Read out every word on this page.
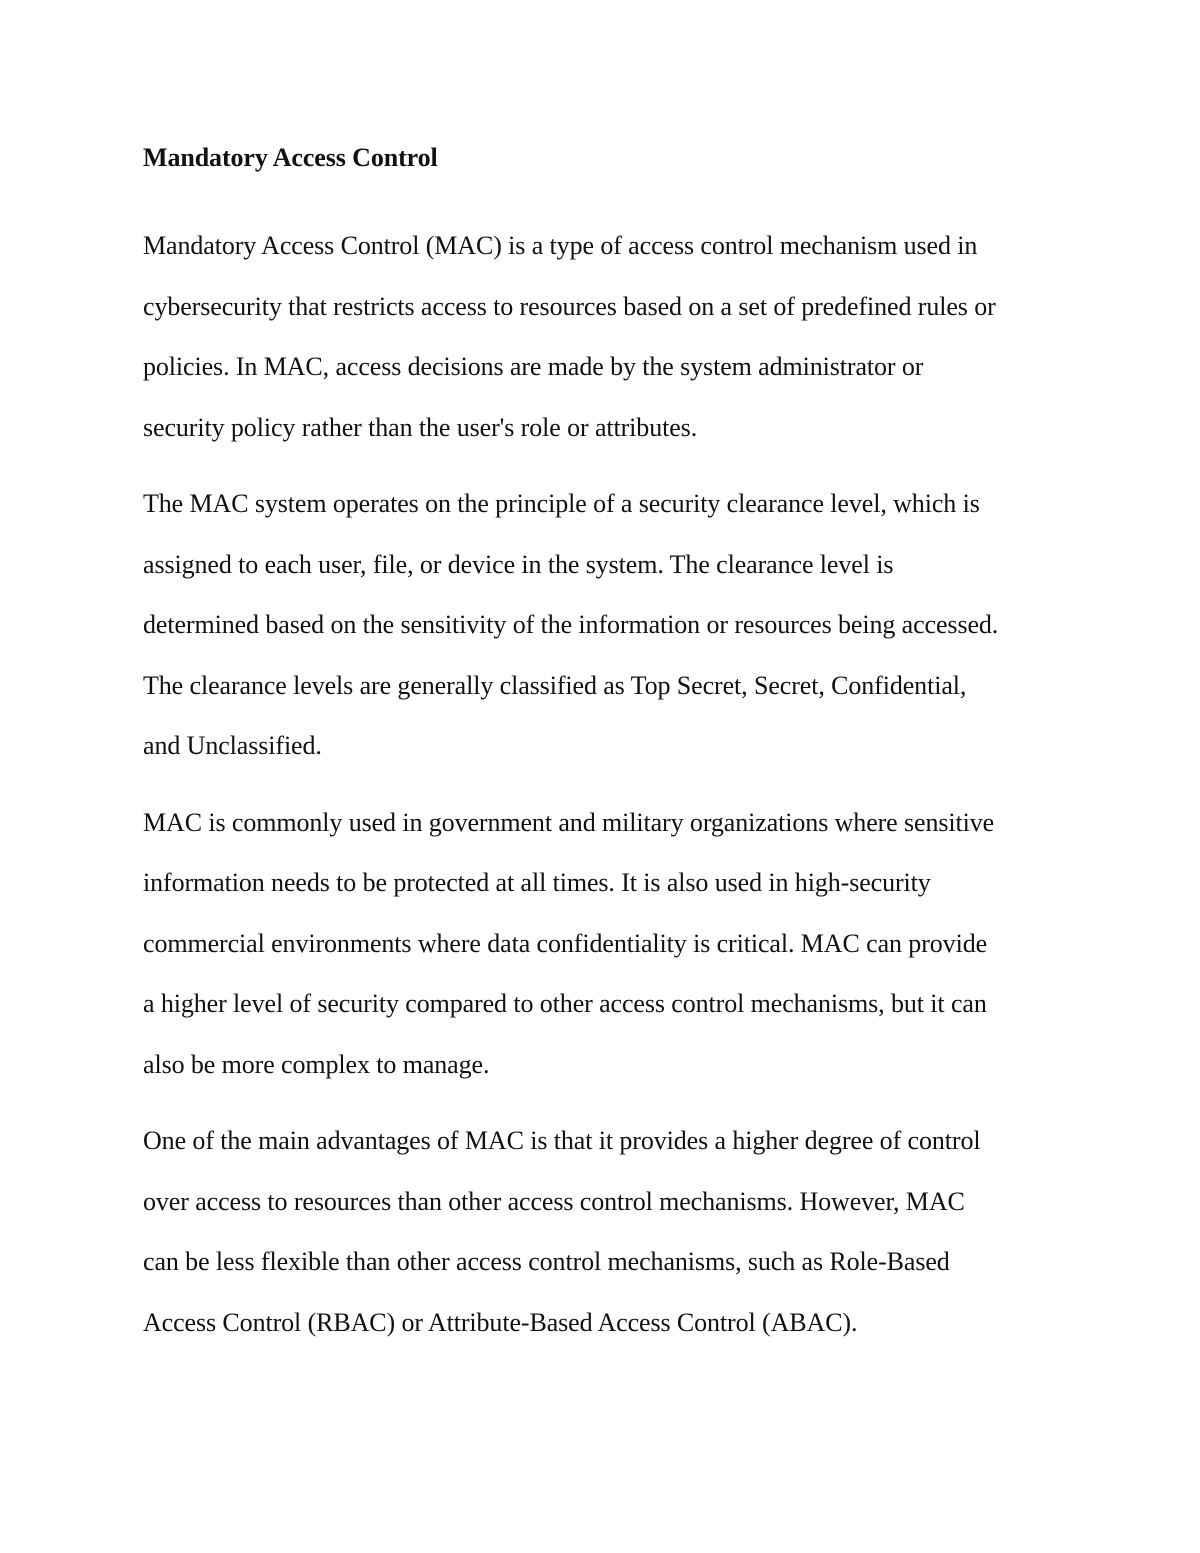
Mandatory Access Control

Mandatory Access Control (MAC) is a type of access control mechanism used in
cybersecurity that restricts access to resources based on a set of predefined rules or
policies. In MAC, access decisions are made by the system administrator or
security policy rather than the user's role or attributes.

The MAC system operates on the principle of a security clearance level, which is
assigned to each user, file, or device in the system. The clearance level is
determined based on the sensitivity of the information or resources being accessed.
The clearance levels are generally classified as Top Secret, Secret, Confidential,
and Unclassified.

MAC is commonly used in government and military organizations where sensitive
information needs to be protected at all times. It is also used in high-security
commercial environments where data confidentiality is critical. MAC can provide
a higher level of security compared to other access control mechanisms, but it can
also be more complex to manage.

One of the main advantages of MAC is that it provides a higher degree of control
over access to resources than other access control mechanisms. However, MAC
can be less flexible than other access control mechanisms, such as Role-Based
Access Control (RBAC) or Attribute-Based Access Control (ABAC).
